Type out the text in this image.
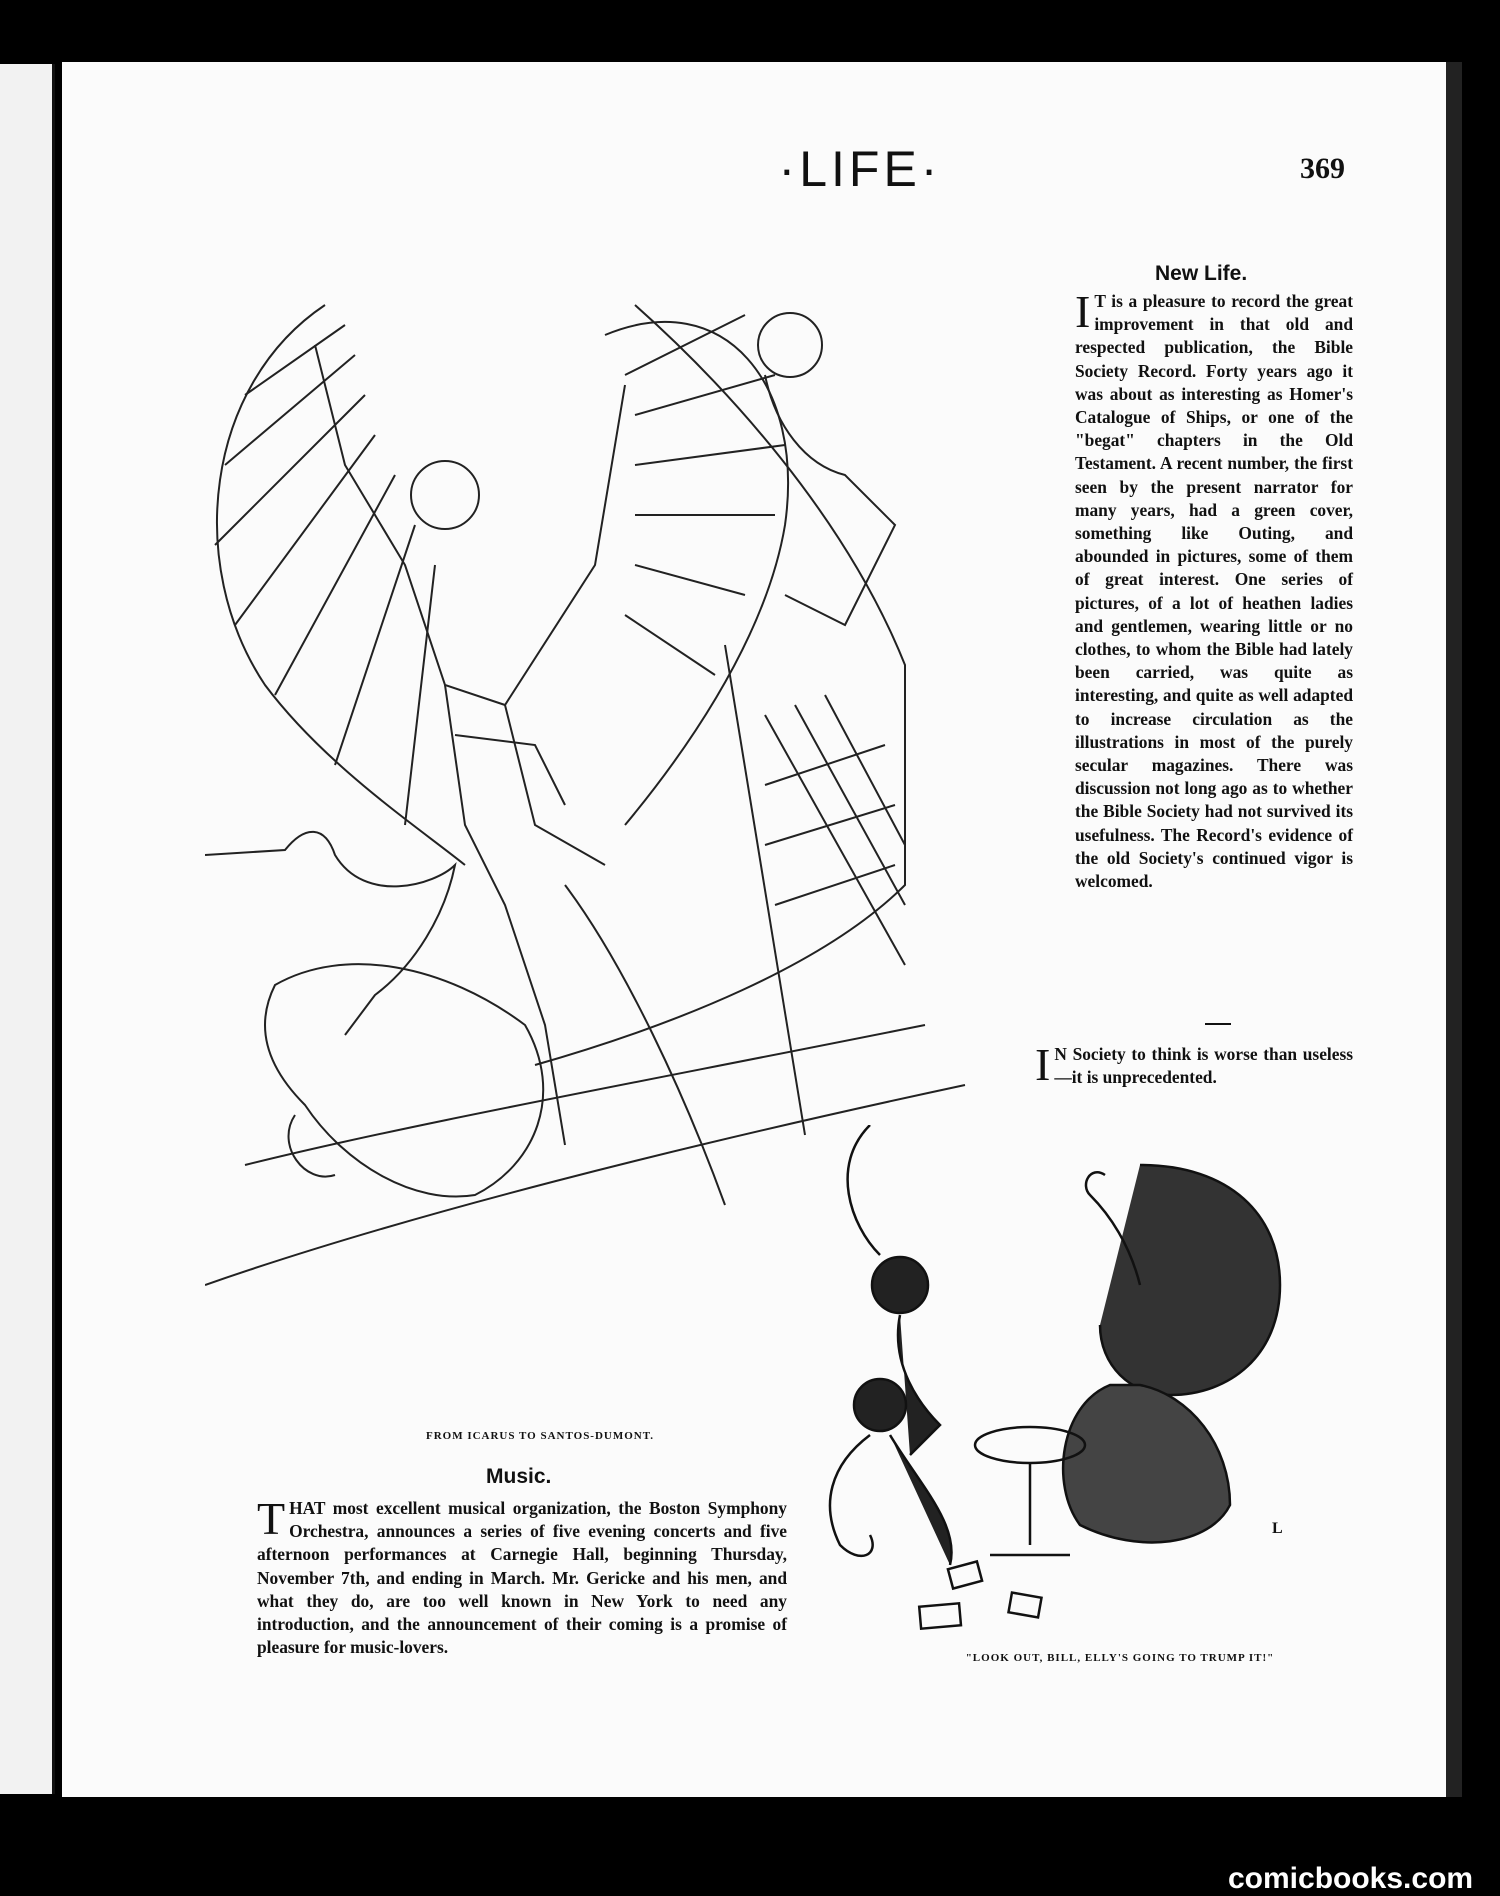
·LIFE·	369
FROM ICARUS TO SANTOS-DUMONT.
New Life.

I T is a pleasure to record the great improvement in that old and respected publication, the Bible Society Record. Forty years ago it was about as interesting as Homer's Catalogue of Ships, or one of the "begat" chapters in the Old Testament. A recent number, the first seen by the present narrator for many years, had a green cover, something like Outing, and abounded in pictures, some of them of great interest. One series of pictures, of a lot of heathen ladies and gentlemen, wearing little or no clothes, to whom the Bible had lately been carried, was quite as interesting, and quite as well adapted to increase circulation as the illustrations in most of the purely secular magazines. There was discussion not long ago as to whether the Bible Society had not survived its usefulness. The Record's evidence of the old Society's continued vigor is welcomed.

I N Society to think is worse than useless—it is unprecedented.

Music.

T HAT most excellent musical organization, the Boston Symphony Orchestra, announces a series of five evening concerts and five afternoon performances at Carnegie Hall, beginning Thursday, November 7th, and ending in March. Mr. Gericke and his men, and what they do, are too well known in New York to need any introduction, and the announcement of their coming is a promise of pleasure for music-lovers.

L
"LOOK OUT, BILL, ELLY'S GOING TO TRUMP IT!"
comicbooks.com
